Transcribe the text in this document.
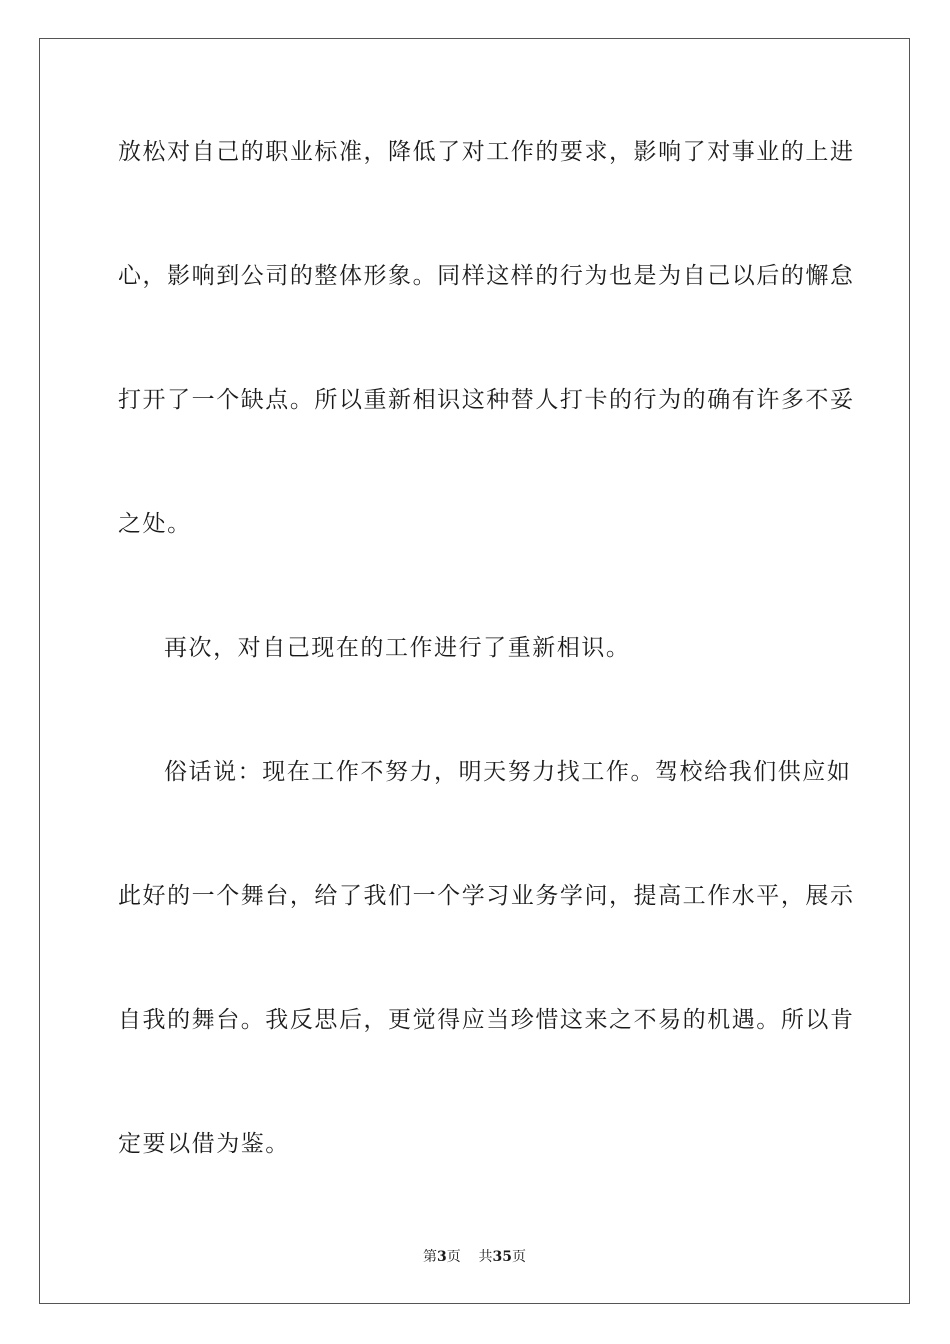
放松对自己的职业标准，降低了对工作的要求，影响了对事业的上进
心，影响到公司的整体形象。同样这样的行为也是为自己以后的懈怠
打开了一个缺点。所以重新相识这种替人打卡的行为的确有许多不妥
之处。
再次，对自己现在的工作进行了重新相识。
俗话说：现在工作不努力，明天努力找工作。驾校给我们供应如
此好的一个舞台，给了我们一个学习业务学问，提高工作水平，展示
自我的舞台。我反思后，更觉得应当珍惜这来之不易的机遇。所以肯
定要以借为鉴。
第3页 共35页
